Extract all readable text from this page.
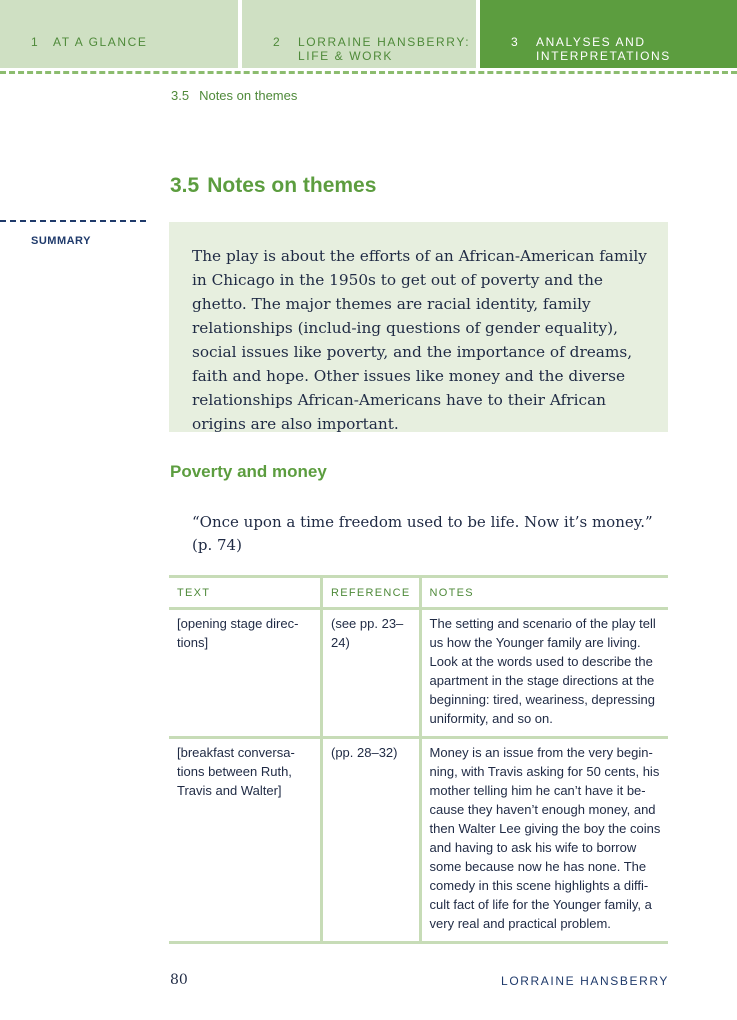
1 AT A GLANCE	2 LORRAINE HANSBERRY:
LIFE & WORK
3 ANALYSES AND
INTERPRETATIONS
3.5 Notes on themes
3.5 Notes on themes
SUMMARY
The play is about the efforts of an African-American family in Chicago in the 1950s to get out of poverty and the ghetto. The major themes are racial identity, family relationships (includ-ing questions of gender equality), social issues like poverty, and the importance of dreams, faith and hope. Other issues like money and the diverse relationships African-Americans have to their African origins are also important.
Poverty and money
“Once upon a time freedom used to be life. Now it’s money.” (p. 74)
TEXT	REFERENCE	NOTES
[opening stage direc-tions]	(see pp. 23–24)	The setting and scenario of the play tell us how the Younger family are living. Look at the words used to describe the apartment in the stage directions at the beginning: tired, weariness, depressing uniformity, and so on.
[breakfast conversa-tions between Ruth, Travis and Walter]	(pp. 28–32)	Money is an issue from the very begin-ning, with Travis asking for 50 cents, his mother telling him he can’t have it be-cause they haven’t enough money, and then Walter Lee giving the boy the coins and having to ask his wife to borrow some because now he has none. The comedy in this scene highlights a diffi-cult fact of life for the Younger family, a very real and practical problem.
80	LORRAINE HANSBERRY
